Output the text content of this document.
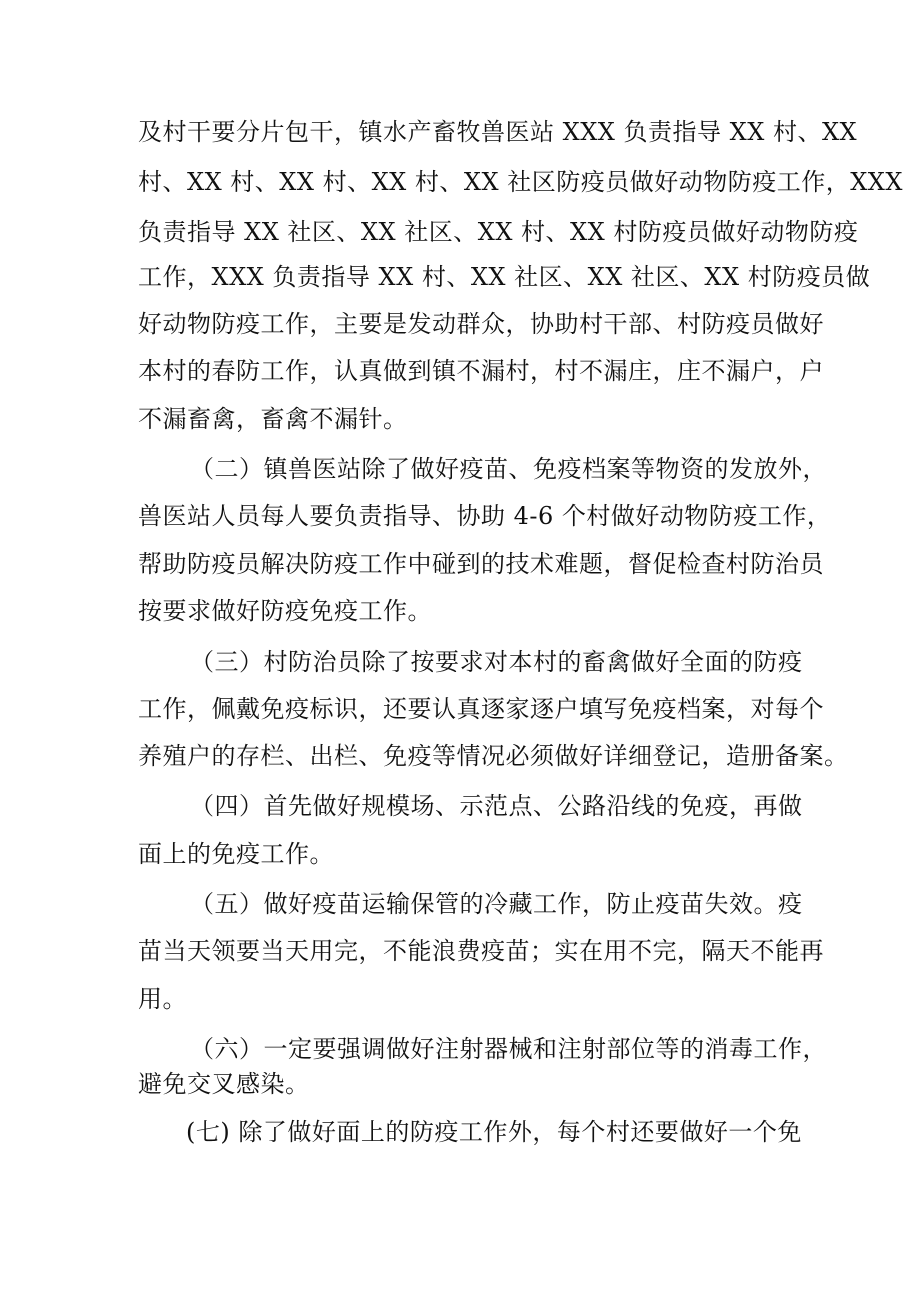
及村干要分片包干，镇水产畜牧兽医站 XXX 负责指导 XX 村、XX
村、XX 村、XX 村、XX 村、XX 社区防疫员做好动物防疫工作，XXX
负责指导 XX 社区、XX 社区、XX 村、XX 村防疫员做好动物防疫
工作，XXX 负责指导 XX 村、XX 社区、XX 社区、XX 村防疫员做
好动物防疫工作，主要是发动群众，协助村干部、村防疫员做好
本村的春防工作，认真做到镇不漏村，村不漏庄，庄不漏户，户
不漏畜禽，畜禽不漏针。
（二）镇兽医站除了做好疫苗、免疫档案等物资的发放外，
兽医站人员每人要负责指导、协助 4-6 个村做好动物防疫工作，
帮助防疫员解决防疫工作中碰到的技术难题，督促检查村防治员
按要求做好防疫免疫工作。
（三）村防治员除了按要求对本村的畜禽做好全面的防疫
工作，佩戴免疫标识，还要认真逐家逐户填写免疫档案，对每个
养殖户的存栏、出栏、免疫等情况必须做好详细登记，造册备案。
（四）首先做好规模场、示范点、公路沿线的免疫，再做
面上的免疫工作。
（五）做好疫苗运输保管的冷藏工作，防止疫苗失效。疫
苗当天领要当天用完，不能浪费疫苗；实在用不完，隔天不能再
用。
（六）一定要强调做好注射器械和注射部位等的消毒工作，
避免交叉感染。
(七) 除了做好面上的防疫工作外，每个村还要做好一个免
